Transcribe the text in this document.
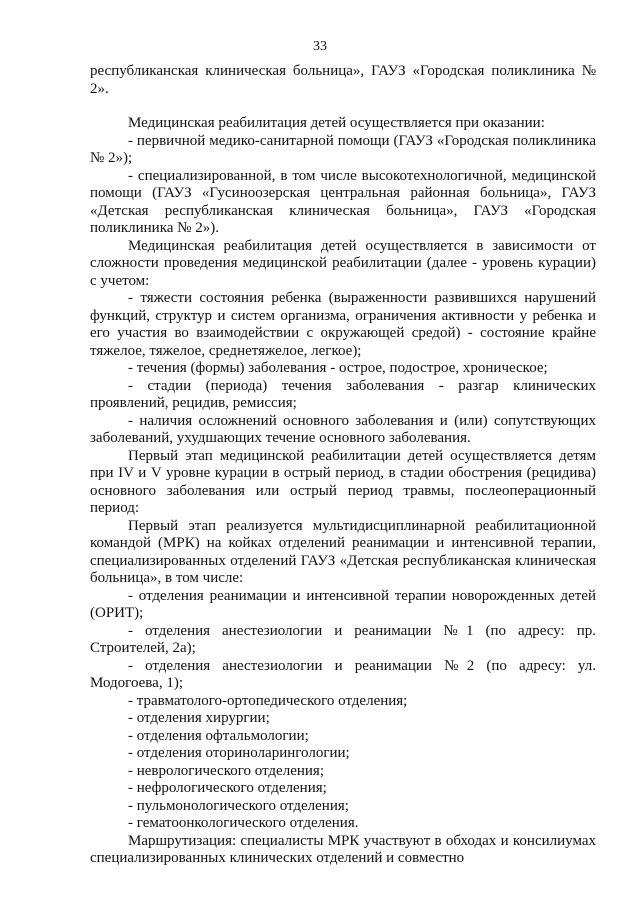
33

республиканская клиническая больница», ГАУЗ «Городская поликлиника № 2».

Медицинская реабилитация детей осуществляется при оказании:

- первичной медико-санитарной помощи (ГАУЗ «Городская поликлиника № 2»);

- специализированной, в том числе высокотехнологичной, медицинской помощи (ГАУЗ «Гусиноозерская центральная районная больница», ГАУЗ «Детская республиканская клиническая больница», ГАУЗ «Городская поликлиника № 2»).

Медицинская реабилитация детей осуществляется в зависимости от сложности проведения медицинской реабилитации (далее - уровень курации) с учетом:

- тяжести состояния ребенка (выраженности развившихся нарушений функций, структур и систем организма, ограничения активности у ребенка и его участия во взаимодействии с окружающей средой) - состояние крайне тяжелое, тяжелое, среднетяжелое, легкое);

- течения (формы) заболевания - острое, подострое, хроническое;

- стадии (периода) течения заболевания - разгар клинических проявлений, рецидив, ремиссия;

- наличия осложнений основного заболевания и (или) сопутствующих заболеваний, ухудшающих течение основного заболевания.

Первый этап медицинской реабилитации детей осуществляется детям при IV и V уровне курации в острый период, в стадии обострения (рецидива) основного заболевания или острый период травмы, послеоперационный период:

Первый этап реализуется мультидисциплинарной реабилитационной командой (МРК) на койках отделений реанимации и интенсивной терапии, специализированных отделений ГАУЗ «Детская республиканская клиническая больница», в том числе:

- отделения реанимации и интенсивной терапии новорожденных детей (ОРИТ);

- отделения анестезиологии и реанимации №1 (по адресу: пр. Строителей, 2а);

- отделения анестезиологии и реанимации №2 (по адресу: ул. Модогоева, 1);

- травматолого-ортопедического отделения;

- отделения хирургии;

- отделения офтальмологии;

- отделения оториноларингологии;

- неврологического отделения;

- нефрологического отделения;

- пульмонологического отделения;

- гематоонкологического отделения.

Маршрутизация: специалисты МРК участвуют в обходах и консилиумах специализированных клинических отделений и совместно
